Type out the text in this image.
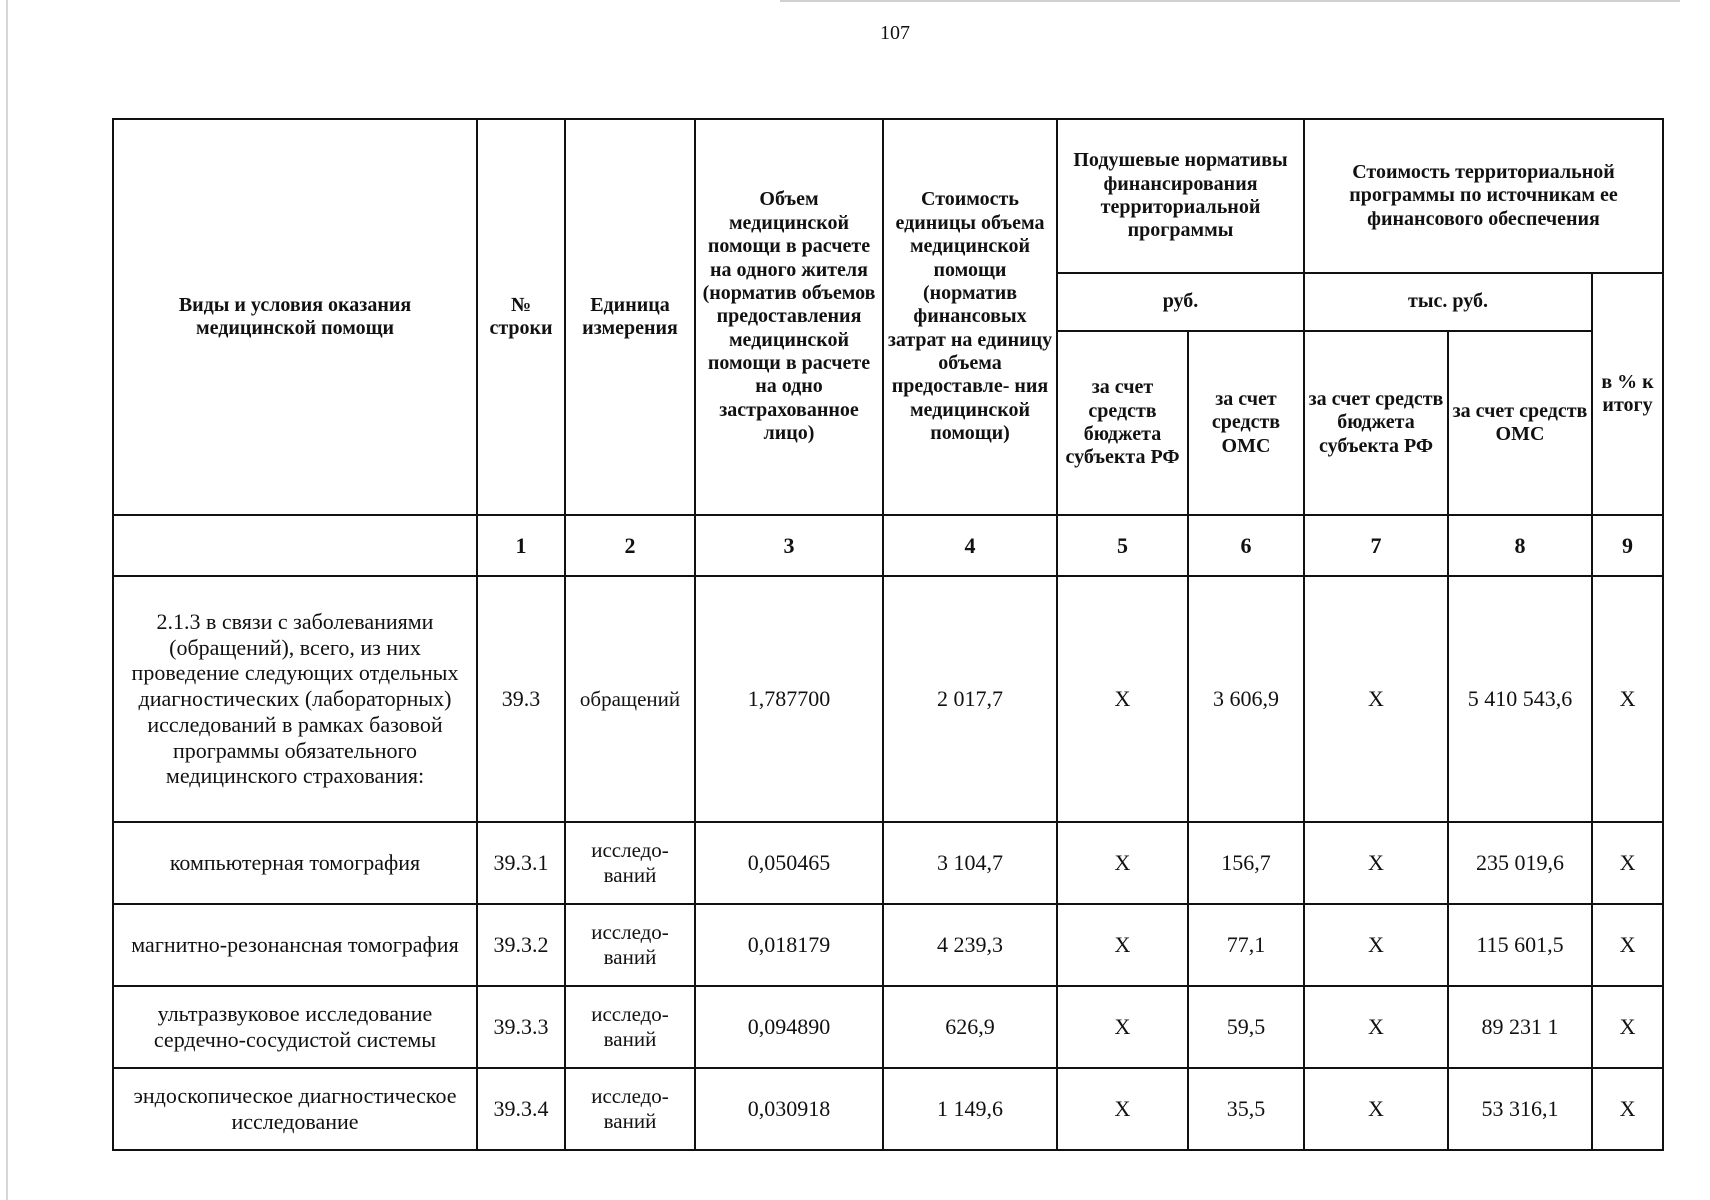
107
Виды и условия оказания медицинской помощи	№ строки	Единица измерения	Объем медицинской помощи в расчете на одного жителя (норматив объемов предоставления медицинской помощи в расчете на одно застрахованное лицо)	Стоимость единицы объема медицинской помощи (норматив финансовых затрат на единицу объема предоставле- ния медицинской помощи)	Подушевые нормативы финансирования территориальной программы		Стоимость территориальной программы по источникам ее финансового обеспечения		
					руб.		тыс. руб.		в % к итогу
					за счет средств бюджета субъекта РФ	за счет средств ОМС	за счет средств бюджета субъекта РФ	за счет средств ОМС	
	1	2	3	4	5	6	7	8	9
2.1.3 в связи с заболеваниями (обращений), всего, из них проведение следующих отдельных диагностических (лабораторных) исследований в рамках базовой программы обязательного медицинского страхования:	39.3	обращений	1,787700	2 017,7	X	3 606,9	X	5 410 543,6	X
компьютерная томография	39.3.1	исследо- ваний	0,050465	3 104,7	X	156,7	X	235 019,6	X
магнитно-резонансная томография	39.3.2	исследо- ваний	0,018179	4 239,3	X	77,1	X	115 601,5	X
ультразвуковое исследование сердечно-сосудистой системы	39.3.3	исследо- ваний	0,094890	626,9	X	59,5	X	89 231 1	X
эндоскопическое диагностическое исследование	39.3.4	исследо- ваний	0,030918	1 149,6	X	35,5	X	53 316,1	X
